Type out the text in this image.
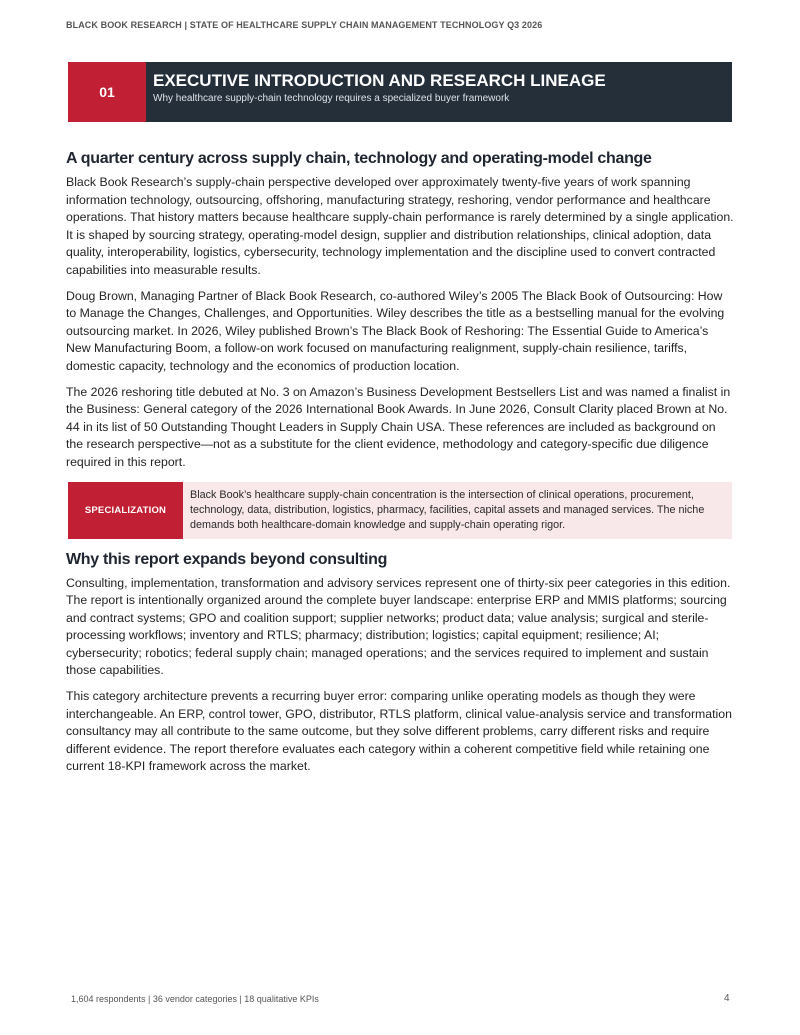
BLACK BOOK RESEARCH | STATE OF HEALTHCARE SUPPLY CHAIN MANAGEMENT TECHNOLOGY Q3 2026
01
EXECUTIVE INTRODUCTION AND RESEARCH LINEAGE
Why healthcare supply-chain technology requires a specialized buyer framework
A quarter century across supply chain, technology and operating-model change

Black Book Research’s supply-chain perspective developed over approximately twenty-five years of work spanning information technology, outsourcing, offshoring, manufacturing strategy, reshoring, vendor performance and healthcare operations. That history matters because healthcare supply-chain performance is rarely determined by a single application. It is shaped by sourcing strategy, operating-model design, supplier and distribution relationships, clinical adoption, data quality, interoperability, logistics, cybersecurity, technology implementation and the discipline used to convert contracted capabilities into measurable results.

Doug Brown, Managing Partner of Black Book Research, co-authored Wiley’s 2005 The Black Book of Outsourcing: How to Manage the Changes, Challenges, and Opportunities. Wiley describes the title as a bestselling manual for the evolving outsourcing market. In 2026, Wiley published Brown’s The Black Book of Reshoring: The Essential Guide to America’s New Manufacturing Boom, a follow-on work focused on manufacturing realignment, supply-chain resilience, tariffs, domestic capacity, technology and the economics of production location.

The 2026 reshoring title debuted at No. 3 on Amazon’s Business Development Bestsellers List and was named a finalist in the Business: General category of the 2026 International Book Awards. In June 2026, Consult Clarity placed Brown at No. 44 in its list of 50 Outstanding Thought Leaders in Supply Chain USA. These references are included as background on the research perspective—not as a substitute for the client evidence, methodology and category-specific due diligence required in this report.

SPECIALIZATION
Black Book’s healthcare supply-chain concentration is the intersection of clinical operations, procurement, technology, data, distribution, logistics, pharmacy, facilities, capital assets and managed services. The niche demands both healthcare-domain knowledge and supply-chain operating rigor.
Why this report expands beyond consulting

Consulting, implementation, transformation and advisory services represent one of thirty-six peer categories in this edition. The report is intentionally organized around the complete buyer landscape: enterprise ERP and MMIS platforms; sourcing and contract systems; GPO and coalition support; supplier networks; product data; value analysis; surgical and sterile-processing workflows; inventory and RTLS; pharmacy; distribution; logistics; capital equipment; resilience; AI; cybersecurity; robotics; federal supply chain; managed operations; and the services required to implement and sustain those capabilities.

This category architecture prevents a recurring buyer error: comparing unlike operating models as though they were interchangeable. An ERP, control tower, GPO, distributor, RTLS platform, clinical value-analysis service and transformation consultancy may all contribute to the same outcome, but they solve different problems, carry different risks and require different evidence. The report therefore evaluates each category within a coherent competitive field while retaining one current 18-KPI framework across the market.

1,604 respondents | 36 vendor categories | 18 qualitative KPIs	4
